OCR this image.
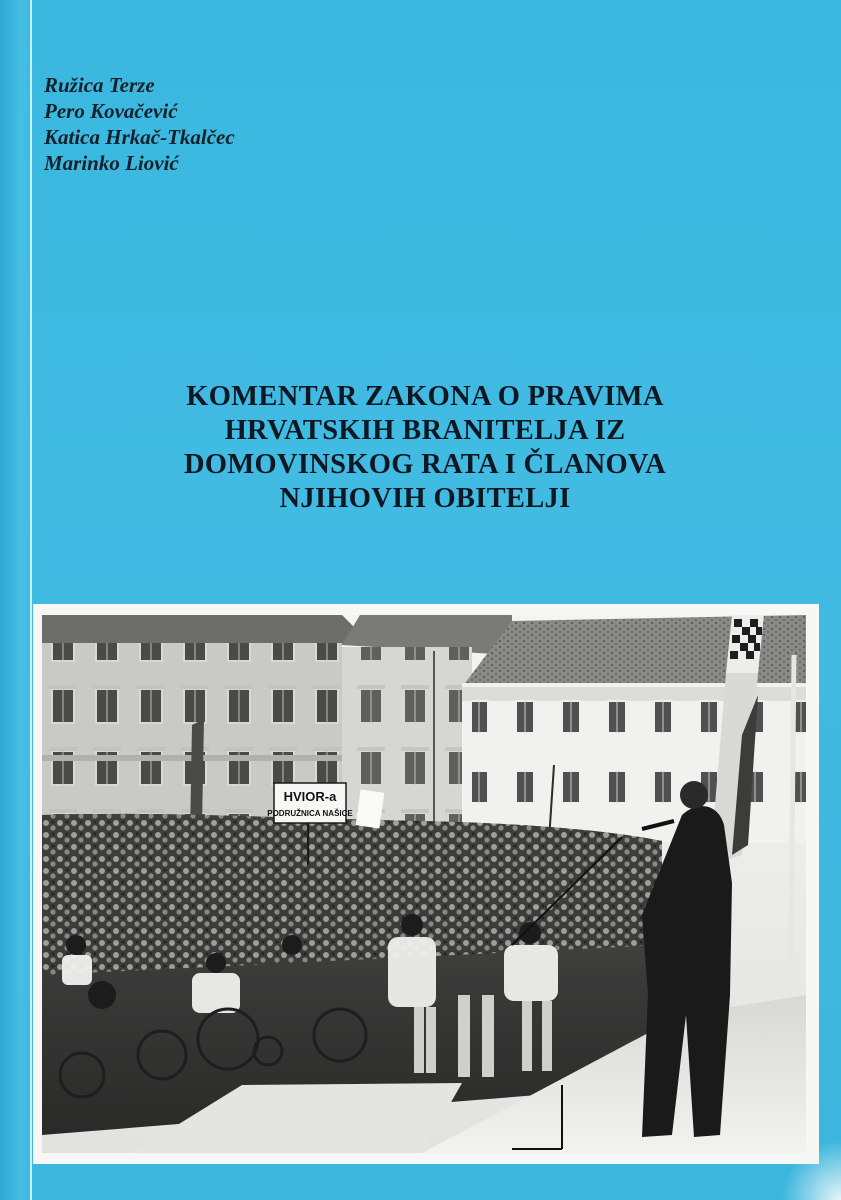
Ružica Terze
Pero Kovačević
Katica Hrkač-Tkalčec
Marinko Liović
KOMENTAR ZAKONA O PRAVIMA
HRVATSKIH BRANITELJA IZ
DOMOVINSKOG RATA I ČLANOVA
NJIHOVIH OBITELJI
HVIOR-a
PODRUŽNICA NAŠICE
